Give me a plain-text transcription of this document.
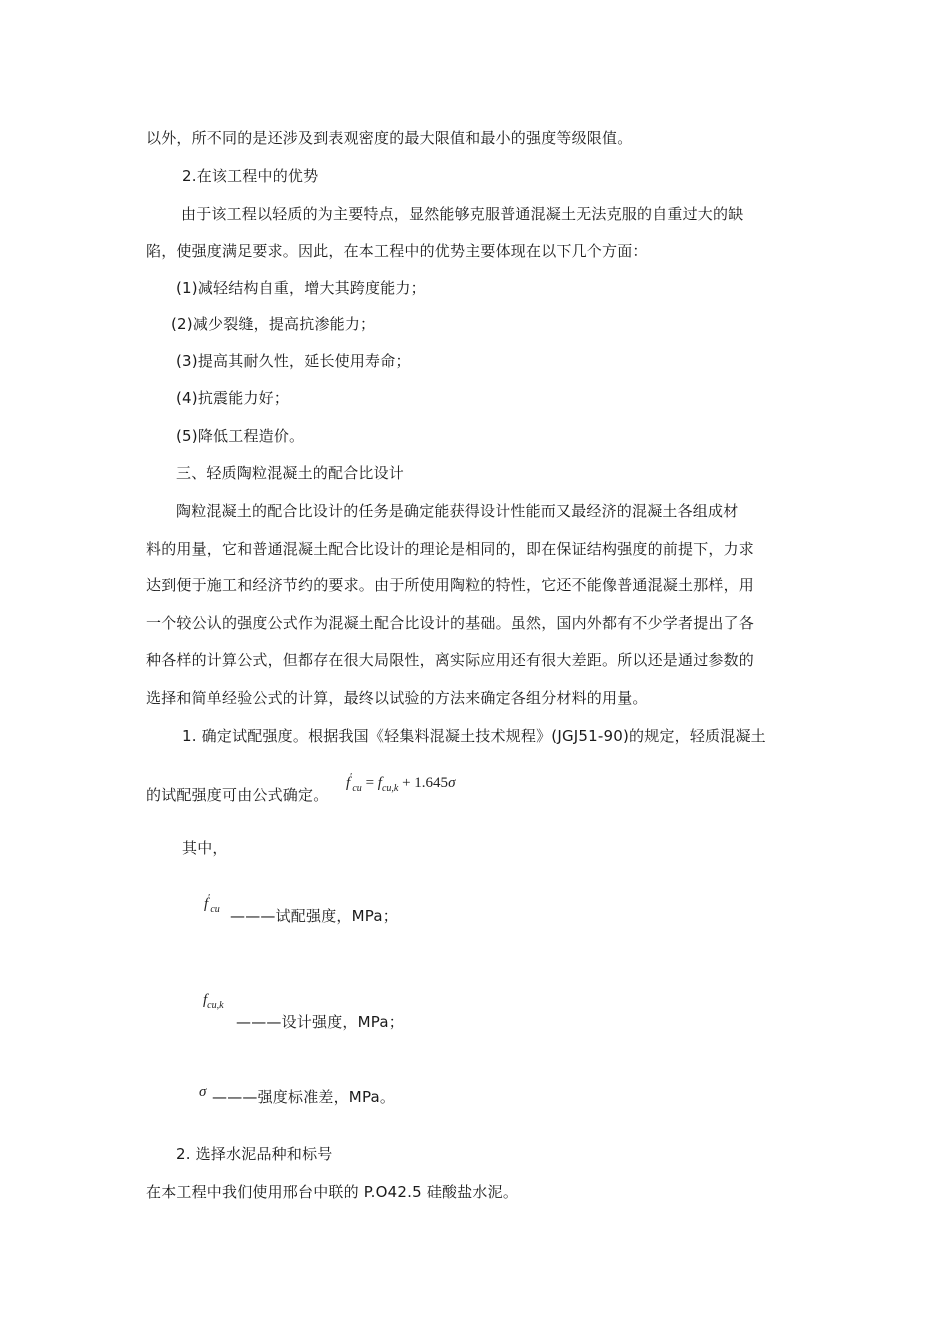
以外，所不同的是还涉及到表观密度的最大限值和最小的强度等级限值。
2.在该工程中的优势
由于该工程以轻质的为主要特点，显然能够克服普通混凝土无法克服的自重过大的缺
陷，使强度满足要求。因此，在本工程中的优势主要体现在以下几个方面：
(1)减轻结构自重，增大其跨度能力；
(2)减少裂缝，提高抗渗能力；
(3)提高其耐久性，延长使用寿命；
(4)抗震能力好；
(5)降低工程造价。
三、轻质陶粒混凝土的配合比设计
陶粒混凝土的配合比设计的任务是确定能获得设计性能而又最经济的混凝土各组成材
料的用量，它和普通混凝土配合比设计的理论是相同的，即在保证结构强度的前提下，力求
达到便于施工和经济节约的要求。由于所使用陶粒的特性，它还不能像普通混凝土那样，用
一个较公认的强度公式作为混凝土配合比设计的基础。虽然，国内外都有不少学者提出了各
种各样的计算公式，但都存在很大局限性，离实际应用还有很大差距。所以还是通过参数的
选择和简单经验公式的计算，最终以试验的方法来确定各组分材料的用量。
1. 确定试配强度。根据我国《轻集料混凝土技术规程》(JGJ51-90)的规定，轻质混凝土
的试配强度可由公式确定。
$f'_{cu} = f_{cu,k} + 1.645\sigma$
其中，
$f'_{cu}$ ———试配强度，MPa；
$f_{cu,k}$
———设计强度，MPa；
σ ———强度标准差，MPa。
2. 选择水泥品种和标号
在本工程中我们使用邢台中联的 P.O42.5 硅酸盐水泥。
